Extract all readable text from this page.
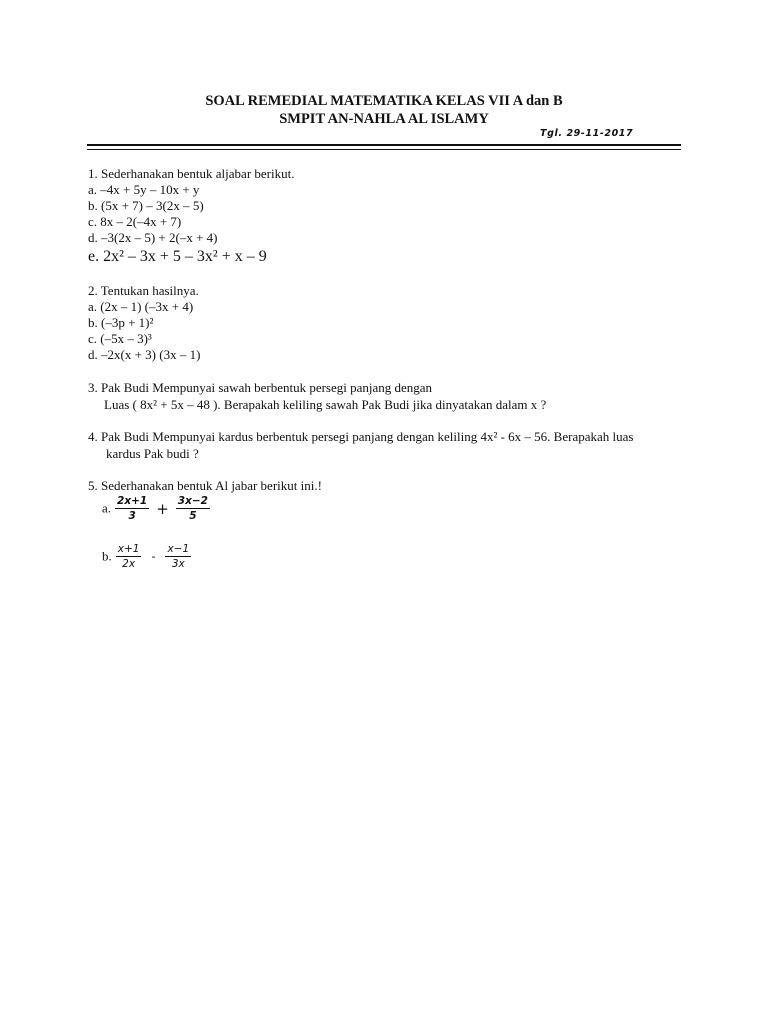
SOAL REMEDIAL MATEMATIKA KELAS VII A dan B
SMPIT AN-NAHLA AL ISLAMY
Tgl. 29-11-2017
1. Sederhanakan bentuk aljabar berikut.
a. –4x + 5y – 10x + y
b. (5x + 7) – 3(2x – 5)
c. 8x – 2(–4x + 7)
d. –3(2x – 5) + 2(–x + 4)
e. 2x² – 3x + 5 – 3x² + x – 9
2. Tentukan hasilnya.
a. (2x – 1) (–3x + 4)
b. (–3p + 1)²
c. (–5x – 3)³
d. –2x(x + 3) (3x – 1)
3. Pak Budi Mempunyai sawah berbentuk persegi panjang dengan
Luas ( 8x² + 5x – 48 ). Berapakah keliling sawah Pak Budi jika dinyatakan dalam x ?
4. Pak Budi Mempunyai kardus berbentuk persegi panjang dengan keliling 4x² - 6x – 56. Berapakah luas
kardus Pak budi ?
5. Sederhanakan bentuk Al jabar berikut ini.!
a. $\frac{2x+1}{3} + \frac{3x-2}{5}$
b. $\frac{x+1}{2x} - \frac{x-1}{3x}$
